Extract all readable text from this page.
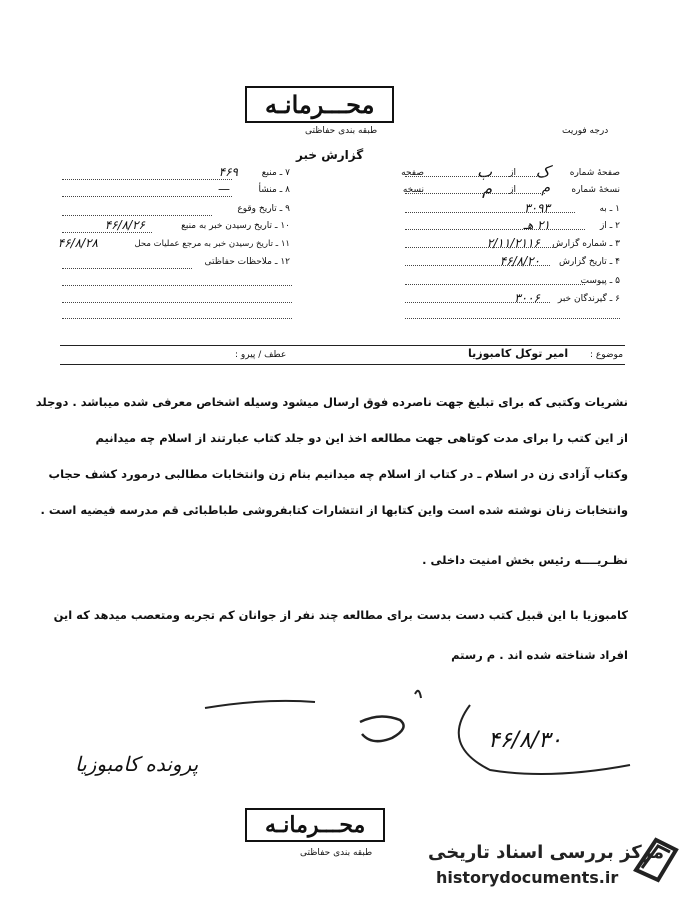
محـــرمانـه
طبقه بندی حفاظتی	درجه فوریت
گزارش خبر
صفحهٔ شماره
ک
از
ب
صفحه
نسخهٔ شماره
م
از
م
نسخه
۱ ـ به
۳۰۹۳
۲ ـ از
۲۱ هـ
۳ ـ شماره گزارش
۲/۱۱/۲۱۱۶
۴ ـ تاریخ گزارش
۴۶/۸/۲۰
۵ ـ پیوست
۶ ـ گیرندگان خبر
۳۰۰۶
۷ ـ منبع
۴۶۹
۸ ـ منشأ
—
۹ ـ تاریخ وقوع
۱۰ ـ تاریخ رسیدن خبر به منبع
۴۶/۸/۲۶
۱۱ ـ تاریخ رسیدن خبر به مرجع عملیات محل
۴۶/۸/۲۸
۱۲ ـ ملاحظات حفاظتی
موضوع :
امیر توکل کامبوزیا
عطف / پیرو :
نشریات وکتبی که برای تبلیغ جهت ناصرده فوق ارسال میشود وسیله اشخاص معرفی شده میباشد . دوجلد
از این کتب را برای مدت کوتاهی جهت مطالعه اخذ این دو جلد کتاب عبارتند از اسلام چه میدانیم
وکتاب آزادی زن در اسلام ـ در کتاب از اسلام چه میدانیم بنام زن وانتخابات مطالبی درمورد کشف حجاب
وانتخابات زنان نوشته شده است واین کتابها از انتشارات کتابفروشی طباطبائی قم مدرسه فیضیه است .
نظـریــــه رئیس بخش امنیت داخلی .
کامبوزیا با این قبیل کتب دست بدست برای مطالعه چند نفر از جوانان کم تجربه ومتعصب میدهد که این
افراد شناخته شده اند . م رستم
۴۶/۸/۳۰
پرونده کامبوزیا
محـــرمانـه
طبقه بندی حفاظتی	مرکز بررسی اسناد تاریخی
historydocuments.ir
